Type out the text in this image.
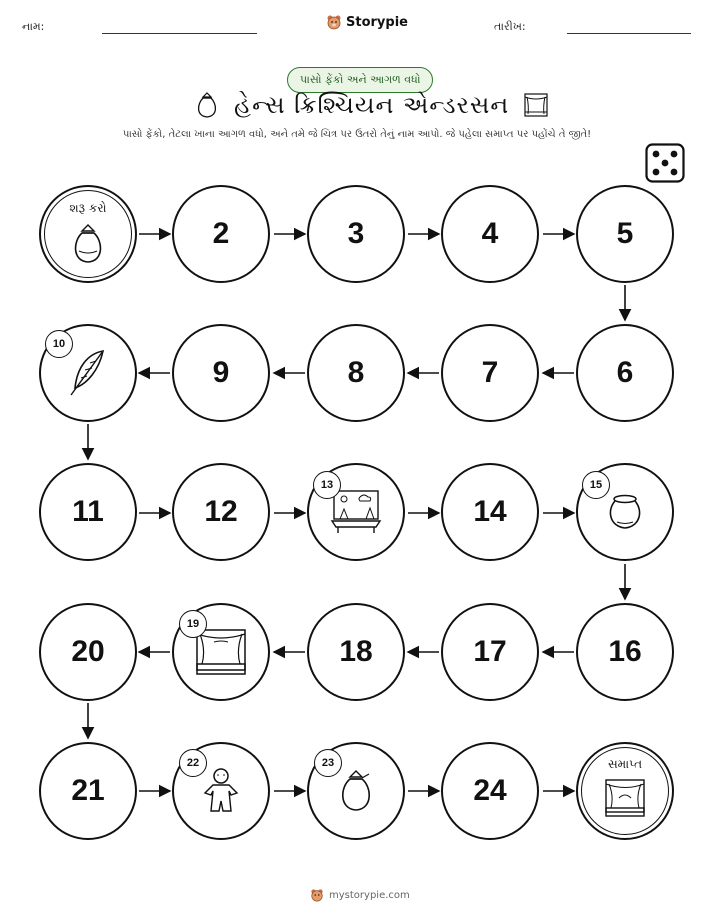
નામ:	Storypie	તારીખ:
પાસો ફેંકો અને આગળ વધો
હેન્સ ક્રિશ્ચિયન એન્ડરસન
પાસો ફેંકો, તેટલા ખાના આગળ વધો, અને તમે જે ચિત્ર પર ઉતરો તેનું નામ આપો. જે પહેલા સમાપ્ત પર પહોંચે તે જીતે!
શરૂ કરો
2	3	4	5
10
9	8	7	6
11	12
13
14
15
20
19
18	17	16
21
22	23
24
સમાપ્ત
mystorypie.com
